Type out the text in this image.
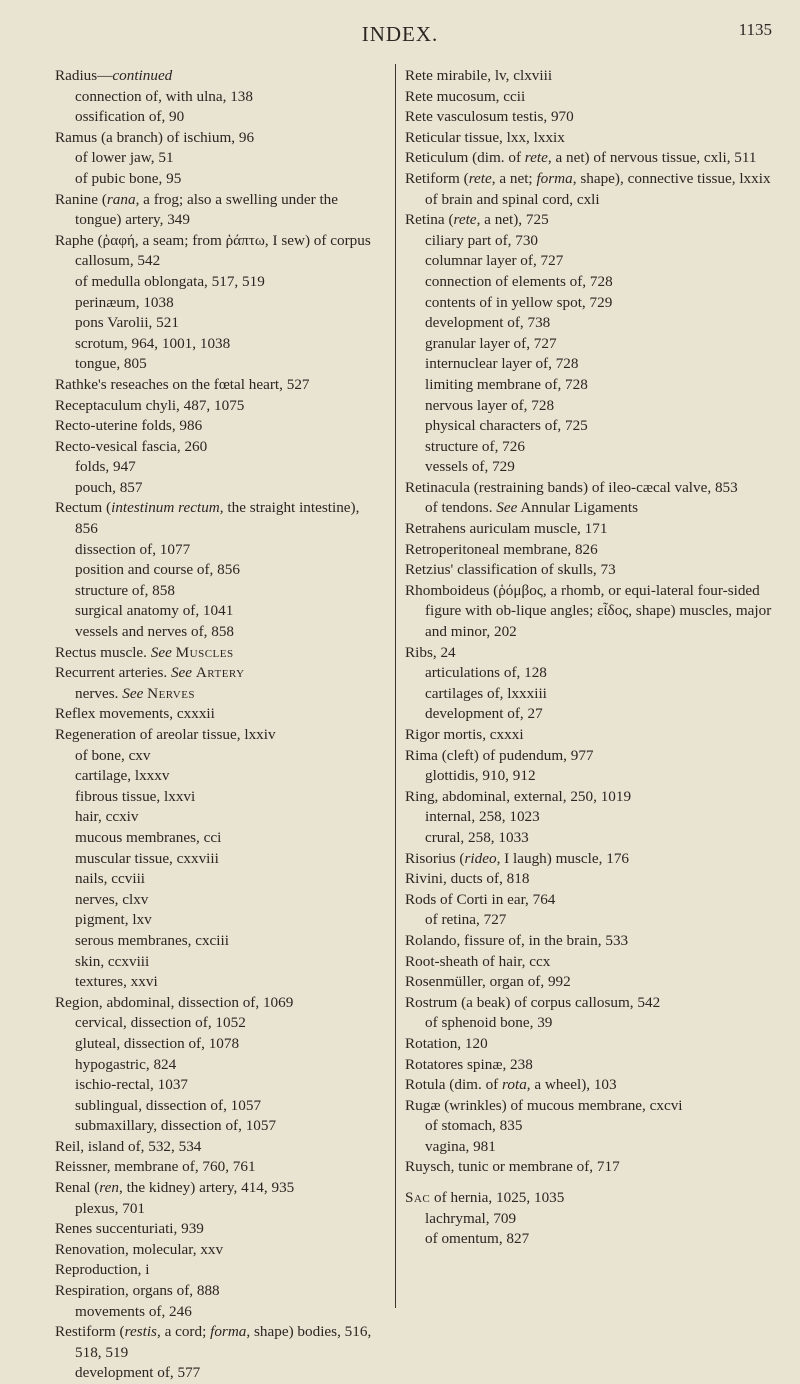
INDEX.	1135

Radius—continued

connection of, with ulna, 138

ossification of, 90

Ramus (a branch) of ischium, 96

of lower jaw, 51

of pubic bone, 95

Ranine (rana, a frog; also a swelling under the tongue) artery, 349

Raphe (ῥαφή, a seam; from ῥάπτω, I sew) of corpus callosum, 542

of medulla oblongata, 517, 519

perinæum, 1038

pons Varolii, 521

scrotum, 964, 1001, 1038

tongue, 805

Rathke's reseaches on the fœtal heart, 527

Receptaculum chyli, 487, 1075

Recto-uterine folds, 986

Recto-vesical fascia, 260

folds, 947

pouch, 857

Rectum (intestinum rectum, the straight intestine), 856

dissection of, 1077

position and course of, 856

structure of, 858

surgical anatomy of, 1041

vessels and nerves of, 858

Rectus muscle. See Muscles

Recurrent arteries. See Artery

nerves. See Nerves

Reflex movements, cxxxii

Regeneration of areolar tissue, lxxiv

of bone, cxv

cartilage, lxxxv

fibrous tissue, lxxvi

hair, ccxiv

mucous membranes, cci

muscular tissue, cxxviii

nails, ccviii

nerves, clxv

pigment, lxv

serous membranes, cxciii

skin, ccxviii

textures, xxvi

Region, abdominal, dissection of, 1069

cervical, dissection of, 1052

gluteal, dissection of, 1078

hypogastric, 824

ischio-rectal, 1037

sublingual, dissection of, 1057

submaxillary, dissection of, 1057

Reil, island of, 532, 534

Reissner, membrane of, 760, 761

Renal (ren, the kidney) artery, 414, 935

plexus, 701

Renes succenturiati, 939

Renovation, molecular, xxv

Reproduction, i

Respiration, organs of, 888

movements of, 246

Restiform (restis, a cord; forma, shape) bodies, 516, 518, 519

development of, 577

Rete mirabile, lv, clxviii

Rete mucosum, ccii

Rete vasculosum testis, 970

Reticular tissue, lxx, lxxix

Reticulum (dim. of rete, a net) of nervous tissue, cxli, 511

Retiform (rete, a net; forma, shape), connective tissue, lxxix

of brain and spinal cord, cxli

Retina (rete, a net), 725

ciliary part of, 730

columnar layer of, 727

connection of elements of, 728

contents of in yellow spot, 729

development of, 738

granular layer of, 727

internuclear layer of, 728

limiting membrane of, 728

nervous layer of, 728

physical characters of, 725

structure of, 726

vessels of, 729

Retinacula (restraining bands) of ileo-cæcal valve, 853

of tendons. See Annular Ligaments

Retrahens auriculam muscle, 171

Retroperitoneal membrane, 826

Retzius' classification of skulls, 73

Rhomboideus (ῥόμβος, a rhomb, or equi-lateral four-sided figure with ob-lique angles; εἶδος, shape) muscles, major and minor, 202

Ribs, 24

articulations of, 128

cartilages of, lxxxiii

development of, 27

Rigor mortis, cxxxi

Rima (cleft) of pudendum, 977

glottidis, 910, 912

Ring, abdominal, external, 250, 1019

internal, 258, 1023

crural, 258, 1033

Risorius (rideo, I laugh) muscle, 176

Rivini, ducts of, 818

Rods of Corti in ear, 764

of retina, 727

Rolando, fissure of, in the brain, 533

Root-sheath of hair, ccx

Rosenmüller, organ of, 992

Rostrum (a beak) of corpus callosum, 542

of sphenoid bone, 39

Rotation, 120

Rotatores spinæ, 238

Rotula (dim. of rota, a wheel), 103

Rugæ (wrinkles) of mucous membrane, cxcvi

of stomach, 835

vagina, 981

Ruysch, tunic or membrane of, 717

Sac of hernia, 1025, 1035

lachrymal, 709

of omentum, 827
